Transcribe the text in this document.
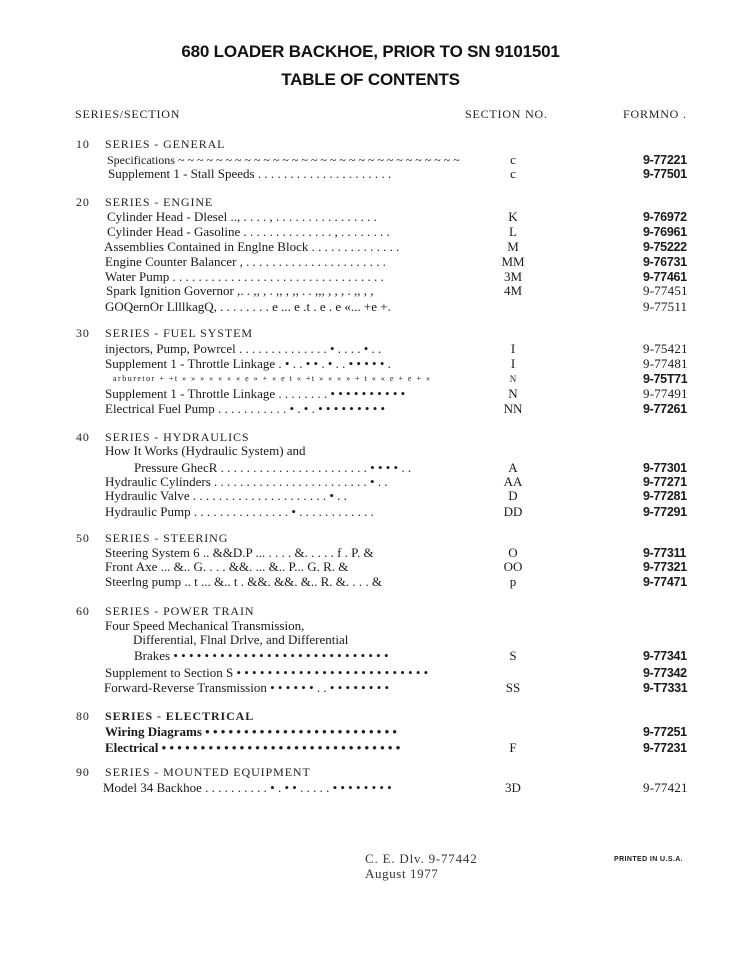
680 LOADER BACKHOE, PRIOR TO SN 9101501
TABLE OF CONTENTS
SERIES/SECTION	SECTION NO.	FORMNO .
10 SERIES - GENERAL
Specifications ~ ~ ~ ~ ~ ~ ~ ~ ~ ~ ~ ~ ~ ~ ~ ~ ~ ~ ~ ~ ~ ~ ~ ~ ~ ~ ~ ~ ~ ~	c	9-77221
Supplement 1 - Stall Speeds . . . . . . . . . . . . . . . . . . . . .	c	9-77501
20 SERIES - ENGINE
Cylinder Head - Dlesel .., . . . . , . . . . . . . . . . . . . . . .	K	9-76972
Cylinder Head - Gasoline . . . . . . . . . . . . . . , . . . . . . . .	L	9-76961
Assemblies Contained in Englne Block . . . . . . . . . . . . . .	M	9-75222
Engine Counter Balancer , . . . . . . . . . . . . . . . . . . . . . .	MM	9-76731
Water Pump . . . . . . . . . . . . . . . . . . . . . . . . . . . . . . . . .	3M	9-77461
Spark Ignition Governor ,. . ,, , . ,, , ,, . . ,,, , , , . ,, , ,	4M	9-77451
GOQernOr LlllkagQ, . . . . . . . . e ... e .t . e . e «... +e +.	9-77511
30 SERIES - FUEL SYSTEM
injectors, Pump, Powrcel . . . . . . . . . . . . . . • . . . . • . .	I	9-75421
Supplement 1 - Throttle Linkage . • . . • • . • . . • • • • • .	I	9-77481
arburetor + +t » » » « « « « e » + « e t « +t » « « » + t « « e + e + «	N	9-75T71
Supplement 1 - Throttle Linkage . . . . . . . . • • • • • • • • • •	N	9-77491
Electrical Fuel Pump . . . . . . . . . . . • . • . • • • • • • • • •	NN	9-77261
40 SERIES - HYDRAULICS
How It Works (Hydraulic System) and
Pressure GhecR . . . . . . . . . . . . . . . . . . . . . . . • • • • . .	A	9-77301
Hydraulic Cylinders . . . . . . . . . . . . . . . . . . . . . . . . • . .	AA	9-77271
Hydraulic Valve . . . . . . . . . . . . . . . . . . . . . • . .	D	9-77281
Hydraulic Pump . . . . . . . . . . . . . . . • . . . . . . . . . . . .	DD	9-77291
50 SERIES - STEERING
Steering System 6 .. &&D.P ... . . . . &. . . . . f . P. &	O	9-77311
Front Axe ... &.. G. . . . &&. ... &.. P... G. R. &	OO	9-77321
Steerlng pump .. t ... &.. t . &&. &&. &.. R. &. . . . &	p	9-77471
60 SERIES - POWER TRAIN
Four Speed Mechanical Transmission,
Differential, Flnal Drlve, and Differential
Brakes • • • • • • • • • • • • • • • • • • • • • • • • • • • •	S	9-77341
Supplement to Section S • • • • • • • • • • • • • • • • • • • • • • • • •	9-77342
Forward-Reverse Transmission • • • • • • . . • • • • • • • •	SS	9-T7331
80 SERIES - ELECTRICAL
Wiring Diagrams • • • • • • • • • • • • • • • • • • • • • • • • •	9-77251
Electrical • • • • • • • • • • • • • • • • • • • • • • • • • • • • • • •	F	9-77231
90 SERIES - MOUNTED EQUIPMENT
Model 34 Backhoe . . . . . . . . . . • . • • . . . . . • • • • • • • •	3D	9-77421
C. E. Dlv. 9-77442
August 1977
PRINTED IN U.S.A.
